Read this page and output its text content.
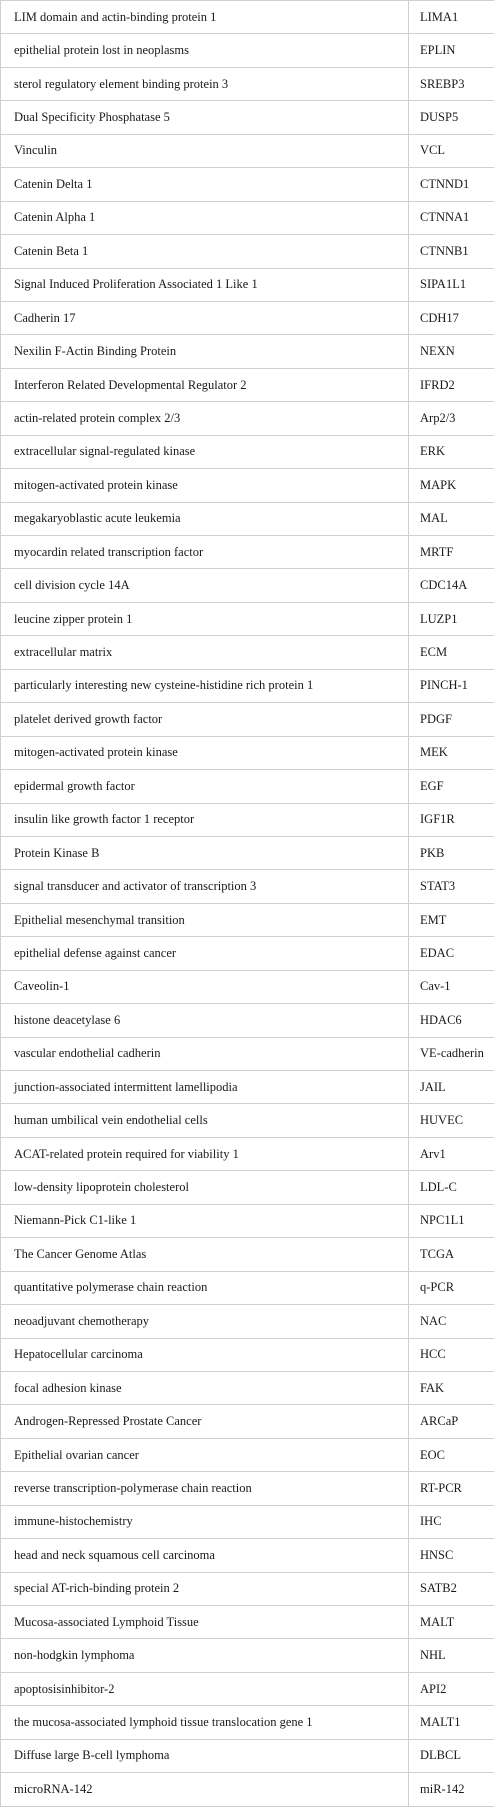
LIM domain and actin-binding protein 1	LIMA1
epithelial protein lost in neoplasms	EPLIN
sterol regulatory element binding protein 3	SREBP3
Dual Specificity Phosphatase 5	DUSP5
Vinculin	VCL
Catenin Delta 1	CTNND1
Catenin Alpha 1	CTNNA1
Catenin Beta 1	CTNNB1
Signal Induced Proliferation Associated 1 Like 1	SIPA1L1
Cadherin 17	CDH17
Nexilin F-Actin Binding Protein	NEXN
Interferon Related Developmental Regulator 2	IFRD2
actin-related protein complex 2/3	Arp2/3
extracellular signal-regulated kinase	ERK
mitogen-activated protein kinase	MAPK
megakaryoblastic acute leukemia	MAL
myocardin related transcription factor	MRTF
cell division cycle 14A	CDC14A
leucine zipper protein 1	LUZP1
extracellular matrix	ECM
particularly interesting new cysteine-histidine rich protein 1	PINCH-1
platelet derived growth factor	PDGF
mitogen-activated protein kinase	MEK
epidermal growth factor	EGF
insulin like growth factor 1 receptor	IGF1R
Protein Kinase B	PKB
signal transducer and activator of transcription 3	STAT3
Epithelial mesenchymal transition	EMT
epithelial defense against cancer	EDAC
Caveolin-1	Cav-1
histone deacetylase 6	HDAC6
vascular endothelial cadherin	VE-cadherin
junction-associated intermittent lamellipodia	JAIL
human umbilical vein endothelial cells	HUVEC
ACAT-related protein required for viability 1	Arv1
low-density lipoprotein cholesterol	LDL-C
Niemann-Pick C1-like 1	NPC1L1
The Cancer Genome Atlas	TCGA
quantitative polymerase chain reaction	q-PCR
neoadjuvant chemotherapy	NAC
Hepatocellular carcinoma	HCC
focal adhesion kinase	FAK
Androgen-Repressed Prostate Cancer	ARCaP
Epithelial ovarian cancer	EOC
reverse transcription-polymerase chain reaction	RT-PCR
immune-histochemistry	IHC
head and neck squamous cell carcinoma	HNSC
special AT-rich-binding protein 2	SATB2
Mucosa-associated Lymphoid Tissue	MALT
non-hodgkin lymphoma	NHL
apoptosisinhibitor-2	API2
the mucosa-associated lymphoid tissue translocation gene 1	MALT1
Diffuse large B-cell lymphoma	DLBCL
microRNA-142	miR-142
